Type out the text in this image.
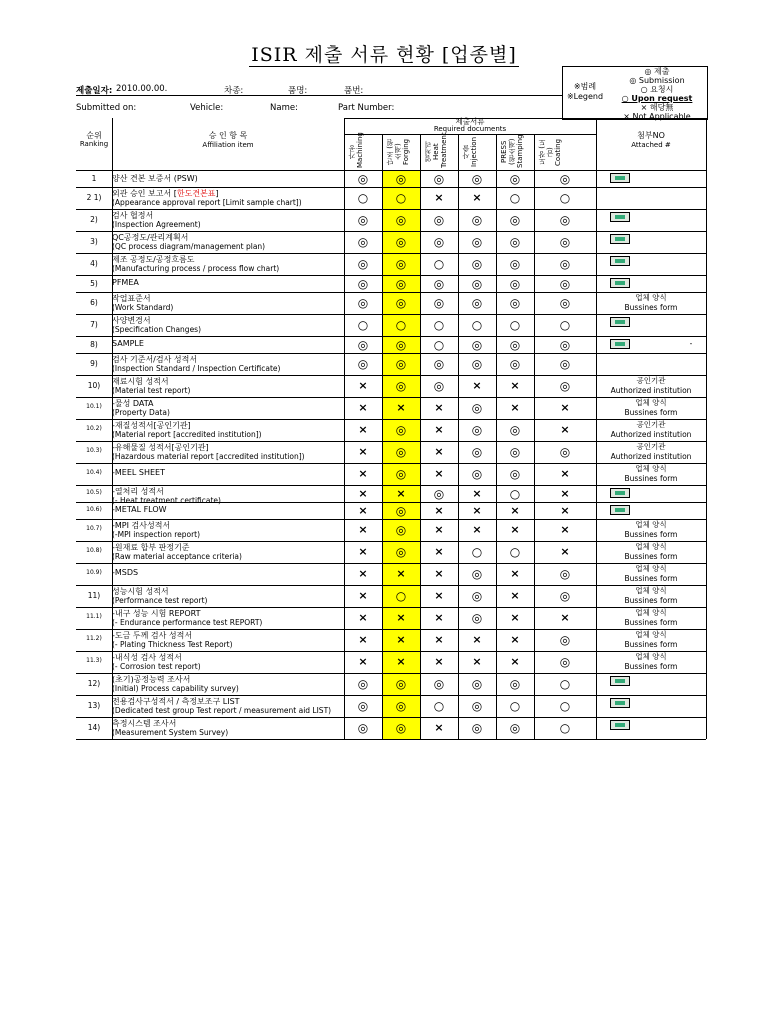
ISIR 제출 서류 현황 [업종별]
※범례
※Legend
◎ 제출
◎ Submission
○ 요청시
○ Upon request
× 해당無
× Not Applicable
제출일자: 2010.00.00.	차종:	품명:	품번:
Submitted on:	Vehicle:	Name:	Part Number:
순위
Ranking
승 인 항 목
Affiliation item
제출서류
Required documents
첨부NO
Attached #
가공 Machining	단조 (원소재) Forging	열처리 Heat Treatment	사출 Injection	PRESS (원소재) Stamping	도장 (도금) Coating
1	양산 견본 보증서 (PSW)	◎	◎	◎	◎	◎	◎
2 1)	외관 승인 보고서 [한도견본표]
(Appearance approval report [Limit sample chart])	○	○	×	×	○	○
2)	검사 협정서
(Inspection Agreement)	◎	◎	◎	◎	◎	◎
3)	QC공정도/관리계획서
(QC process diagram/management plan)	◎	◎	◎	◎	◎	◎
4)	제조 공정도/공정흐름도
(Manufacturing process / process flow chart)	◎	◎	○	◎	◎	◎
5)	PFMEA	◎	◎	◎	◎	◎	◎
6)	작업표준서
(Work Standard)	◎	◎	◎	◎	◎	◎	업체 양식
Bussines form
7)	사양변경서
(Specification Changes)	○	○	○	○	○	○
8)	SAMPLE	◎	◎	○	◎	◎	◎	-
9)	검사 기준서/검사 성적서
(Inspection Standard / Inspection Certificate)	◎	◎	◎	◎	◎	◎
10)	재료시험 성적서
(Material test report)	×	◎	◎	×	×	◎	공인기관
Authorized institution
10.1)	-물성 DATA
(Property Data)	×	×	×	◎	×	×	업체 양식
Bussines form
10.2)	-재질성적서[공인기관]
(Material report [accredited institution])	×	◎	×	◎	◎	×	공인기관
Authorized institution
10.3)	-유해물질 성적서[공인기관]
(Hazardous material report [accredited institution])	×	◎	×	◎	◎	◎	공인기관
Authorized institution
10.4)	-MEEL SHEET	×	◎	×	◎	◎	×	업체 양식
Bussines form
10.5)	-열처리 성적서
(- Heat treatment certificate)
×	×	◎	×	○	×
10.6)	-METAL FLOW	×	◎	×	×	×	×
10.7)	-MPI 검사성적서
(-MPI inspection report)	×	◎	×	×	×	×	업체 양식
Bussines form
10.8)	-원재료 합부 판정기준
(Raw material acceptance criteria)	×	◎	×	○	○	×	업체 양식
Bussines form
10.9)	-MSDS	×	×	×	◎	×	◎	업체 양식
Bussines form
11)	성능시험 성적서
(Performance test report)	×	○	×	◎	×	◎	업체 양식
Bussines form
11.1)	-내구 성능 시험 REPORT
(- Endurance performance test REPORT)	×	×	×	◎	×	×	업체 양식
Bussines form
11.2)	-도금 두께 검사 성적서
(- Plating Thickness Test Report)	×	×	×	×	×	◎	업체 양식
Bussines form
11.3)	-내식성 검사 성적서
(- Corrosion test report)	×	×	×	×	×	◎	업체 양식
Bussines form
12)	(초기)공정능력 조사서
(Initial) Process capability survey)	◎	◎	◎	◎	◎	○
13)	전용검사구성적서 / 측정보조구 LIST
(Dedicated test group Test report / measurement aid LIST)	◎	◎	○	◎	○	○
14)	측정시스템 조사서
(Measurement System Survey)	◎	◎	×	◎	◎	○
